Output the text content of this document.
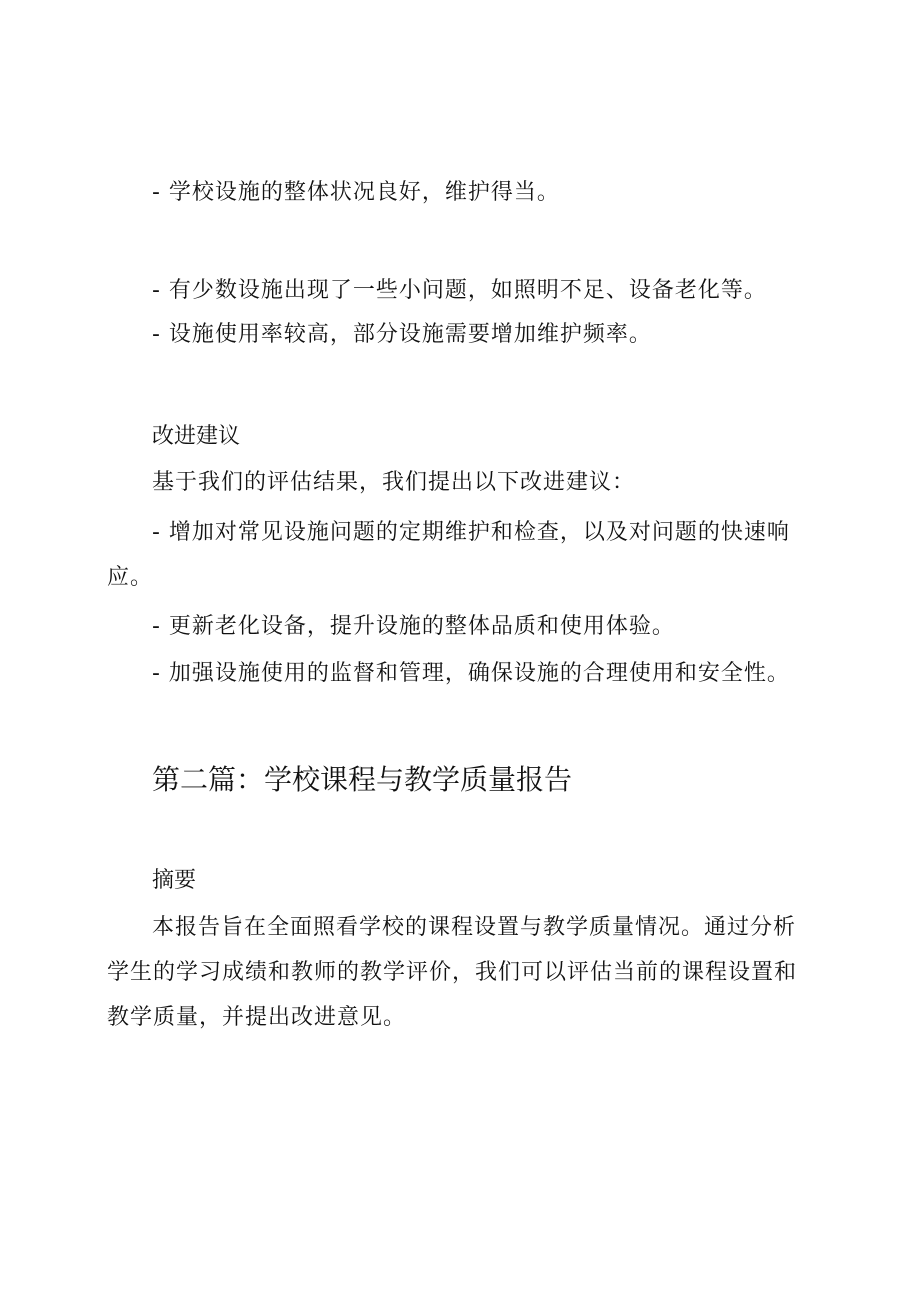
- 学校设施的整体状况良好，维护得当。
- 有少数设施出现了一些小问题，如照明不足、设备老化等。
- 设施使用率较高，部分设施需要增加维护频率。
改进建议
基于我们的评估结果，我们提出以下改进建议：
- 增加对常见设施问题的定期维护和检查，以及对问题的快速响应。
- 更新老化设备，提升设施的整体品质和使用体验。
- 加强设施使用的监督和管理，确保设施的合理使用和安全性。
第二篇：学校课程与教学质量报告
摘要
本报告旨在全面照看学校的课程设置与教学质量情况。通过分析学生的学习成绩和教师的教学评价，我们可以评估当前的课程设置和教学质量，并提出改进意见。
